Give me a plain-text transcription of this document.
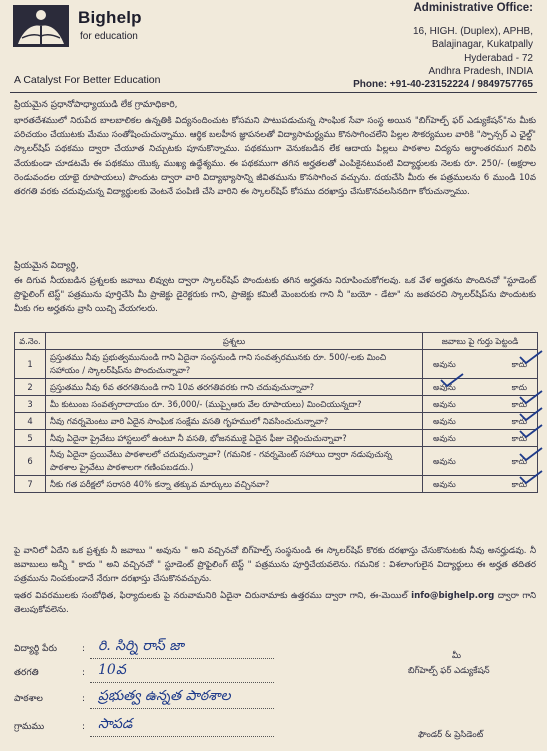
Bighelp
for education
A Catalyst For Better Education
Administrative Office:
16, HIGH. (Duplex), APHB,
Balajinagar, Kukatpally
Hyderabad - 72
Andhra Pradesh, INDIA
Phone: +91-40-23152224 / 9849757765
ప్రియమైన ప్రధానోపాధ్యాయుడి లేక గ్రామాధికారి,
భారతదేశములో నిరుపేద బాలబాలికల ఉన్నతికి విద్యనందించుట కోసమని పాటుపడుచున్న సాంఘిక సేవా సంస్థ అయిన "బిగ్‌హెల్ప్ ఫర్ ఎడ్యుకేషన్"ను మీకు పరిచయం చేయుటకు మేము సంతోషించుచున్నాము. ఆర్థిక బలహీన జ్ఞాపనలతో విద్యాసామర్థ్యము కొనసాగించలేని పిల్లల సౌకర్యముల వారికి "స్పాన్సర్ ఎ ఛైల్డ్" స్కాలర్‌షిప్ పథకము ద్వారా చేయూత నిచ్చుటకు పూనుకొన్నాము. పథకముగా వెనుకబడిన లేక ఆదాయ పిల్లలు పాఠశాల విద్యను అర్ధాంతరముగ నిలిపి వేయకుండా చూడటమే ఈ పథకము యొక్క ముఖ్య ఉద్దేశ్యము. ఈ పథకముగా తగిన అర్హతలతో ఎంపికైనటువంటి విద్యార్థులకు నెలకు రూ. 250/- (అక్షరాల రెండువందల యాభై రూపాయలు) పొందుట ద్వారా వారి విద్యాభ్యాసాన్ని జీవితమును కొనసాగించ వచ్చును. దయచేసి మీరు ఈ పత్రములను 6 ముండి 10వ తరగతి వరకు చదువుచున్న విద్యార్థులకు వెంటనే పంపిణి చేసి వారిని ఈ స్కాలర్‌షిప్ కోసము దరఖాస్తు చేసుకొనవలసినదిగా కోరుచున్నాము.
ప్రియమైన విద్యార్థి,
ఈ దిగువ నీయబడిన ప్రశ్నలకు జవాబు లివ్వుట ద్వారా స్కాలర్‌షిప్ పొందుటకు తగిన అర్హతను నిరూపించుకోగలవు. ఒక వేళ అర్హతను పొందినచో "స్టూడెంట్ ప్రొఫైలింగ్ టెస్ట్" పత్రమును పూర్తిచేసి మీ ప్రాజెక్టు డైరెక్టరుకు గాని, ప్రాజెక్టు కమిటీ మెంబరుకు గాని నీ "బయో - డేటా" ను జతపరచి స్కాలర్‌షిప్‌ను పొందుటకు మీకు గల అర్హతను వ్రాసి యిచ్చి వేయగలరు.
వ.నెం.	ప్రశ్నలు	జవాబు పై గుర్తు పెట్టండి
1	ప్రస్తుతము నీవు ప్రభుత్వమునుండి గాని ఏదైనా సంస్థనుండి గాని సంవత్సరమునకు రూ. 500/-లకు మించి సహాయం / స్కాలర్‌షిప్‌ను పొందుచున్నావా?	అవును కాదు

2	ప్రస్తుతము నీవు 6వ తరగతినుండి గాని 10వ తరగతివరకు గాని చదువుచున్నావా?	అవును కాదు

3	మీ కుటుంబ సంవత్సరాదాయం రూ. 36,000/- (ముప్పైఆరు వేల రూపాయలు) మించియున్నదా?	అవును కాదు

4	నీవు గవర్నమెంటు వారి ఏదైన సాంఘిక సంక్షేమ వసతి గృహములో నివసించుచున్నావా?	అవును కాదు

5	నీవు ఏదైనా ప్రైవేటు హాస్టలులో ఉంటూ నీ వసతి, భోజనముకై ఏదైన ఫీజు చెల్లించుచున్నావా?	అవును కాదు

6	నీవు ఏదైనా ప్రయివేటు పాఠశాలలో చదువుచున్నావా? (గమనిక - గవర్నమెంట్ సహాయి ద్వారా నడుపుచున్న పాఠశాల ప్రైవేటు పాఠశాలగా గణింపబడదు.)	అవును కాదు

7	నీకు గత పరీక్షలో సరాసరి 40% కన్నా తక్కువ మార్కులు వచ్చినవా?	అవును కాదు
పై వానిలో ఏదేని ఒక ప్రశ్నకు నీ జవాబు " అవును " అని వచ్చినచో బిగ్‌హెల్ప్ సంస్థనుండి ఈ స్కాలర్‌షిప్ కొరకు దరఖాస్తు చేసుకొనుటకు నీవు అనర్హుడవు. నీ జవాబులు అన్నీ " కాదు " అని వచ్చినచో " స్టూడెంట్ ప్రొఫైలింగ్ టెస్ట్ " పత్రమును పూర్తిచేయవలెను. గమనిక : విశలాంగులైన విద్యార్థులు ఈ అర్హత తదితర పత్రమును నింపకుండానే నేరుగా దరఖాస్తు చేసుకొనవచ్చును.
ఇతర వివరములకు సంబోధిత, ఫిర్యాదులకు పై నరువామనిరి ఏదైనా చిరునామాకు ఉత్తరము ద్వారా గాని, ఈ-మెయిల్ info@bighelp.org ద్వారా గాని తెలుపుకోవలెను.
విద్యార్థి పేరు	: రి. సిర్ని రాస్ జా
తరగతి	: 10వ
పాఠశాల	: ప్రభుత్వ ఉన్నత పాఠశాల
గ్రామము	: సాపడ
మీ
బిగ్‌హెల్ప్ ఫర్ ఎడ్యుకేషన్
ఫౌండర్ & ప్రెసిడెంట్
